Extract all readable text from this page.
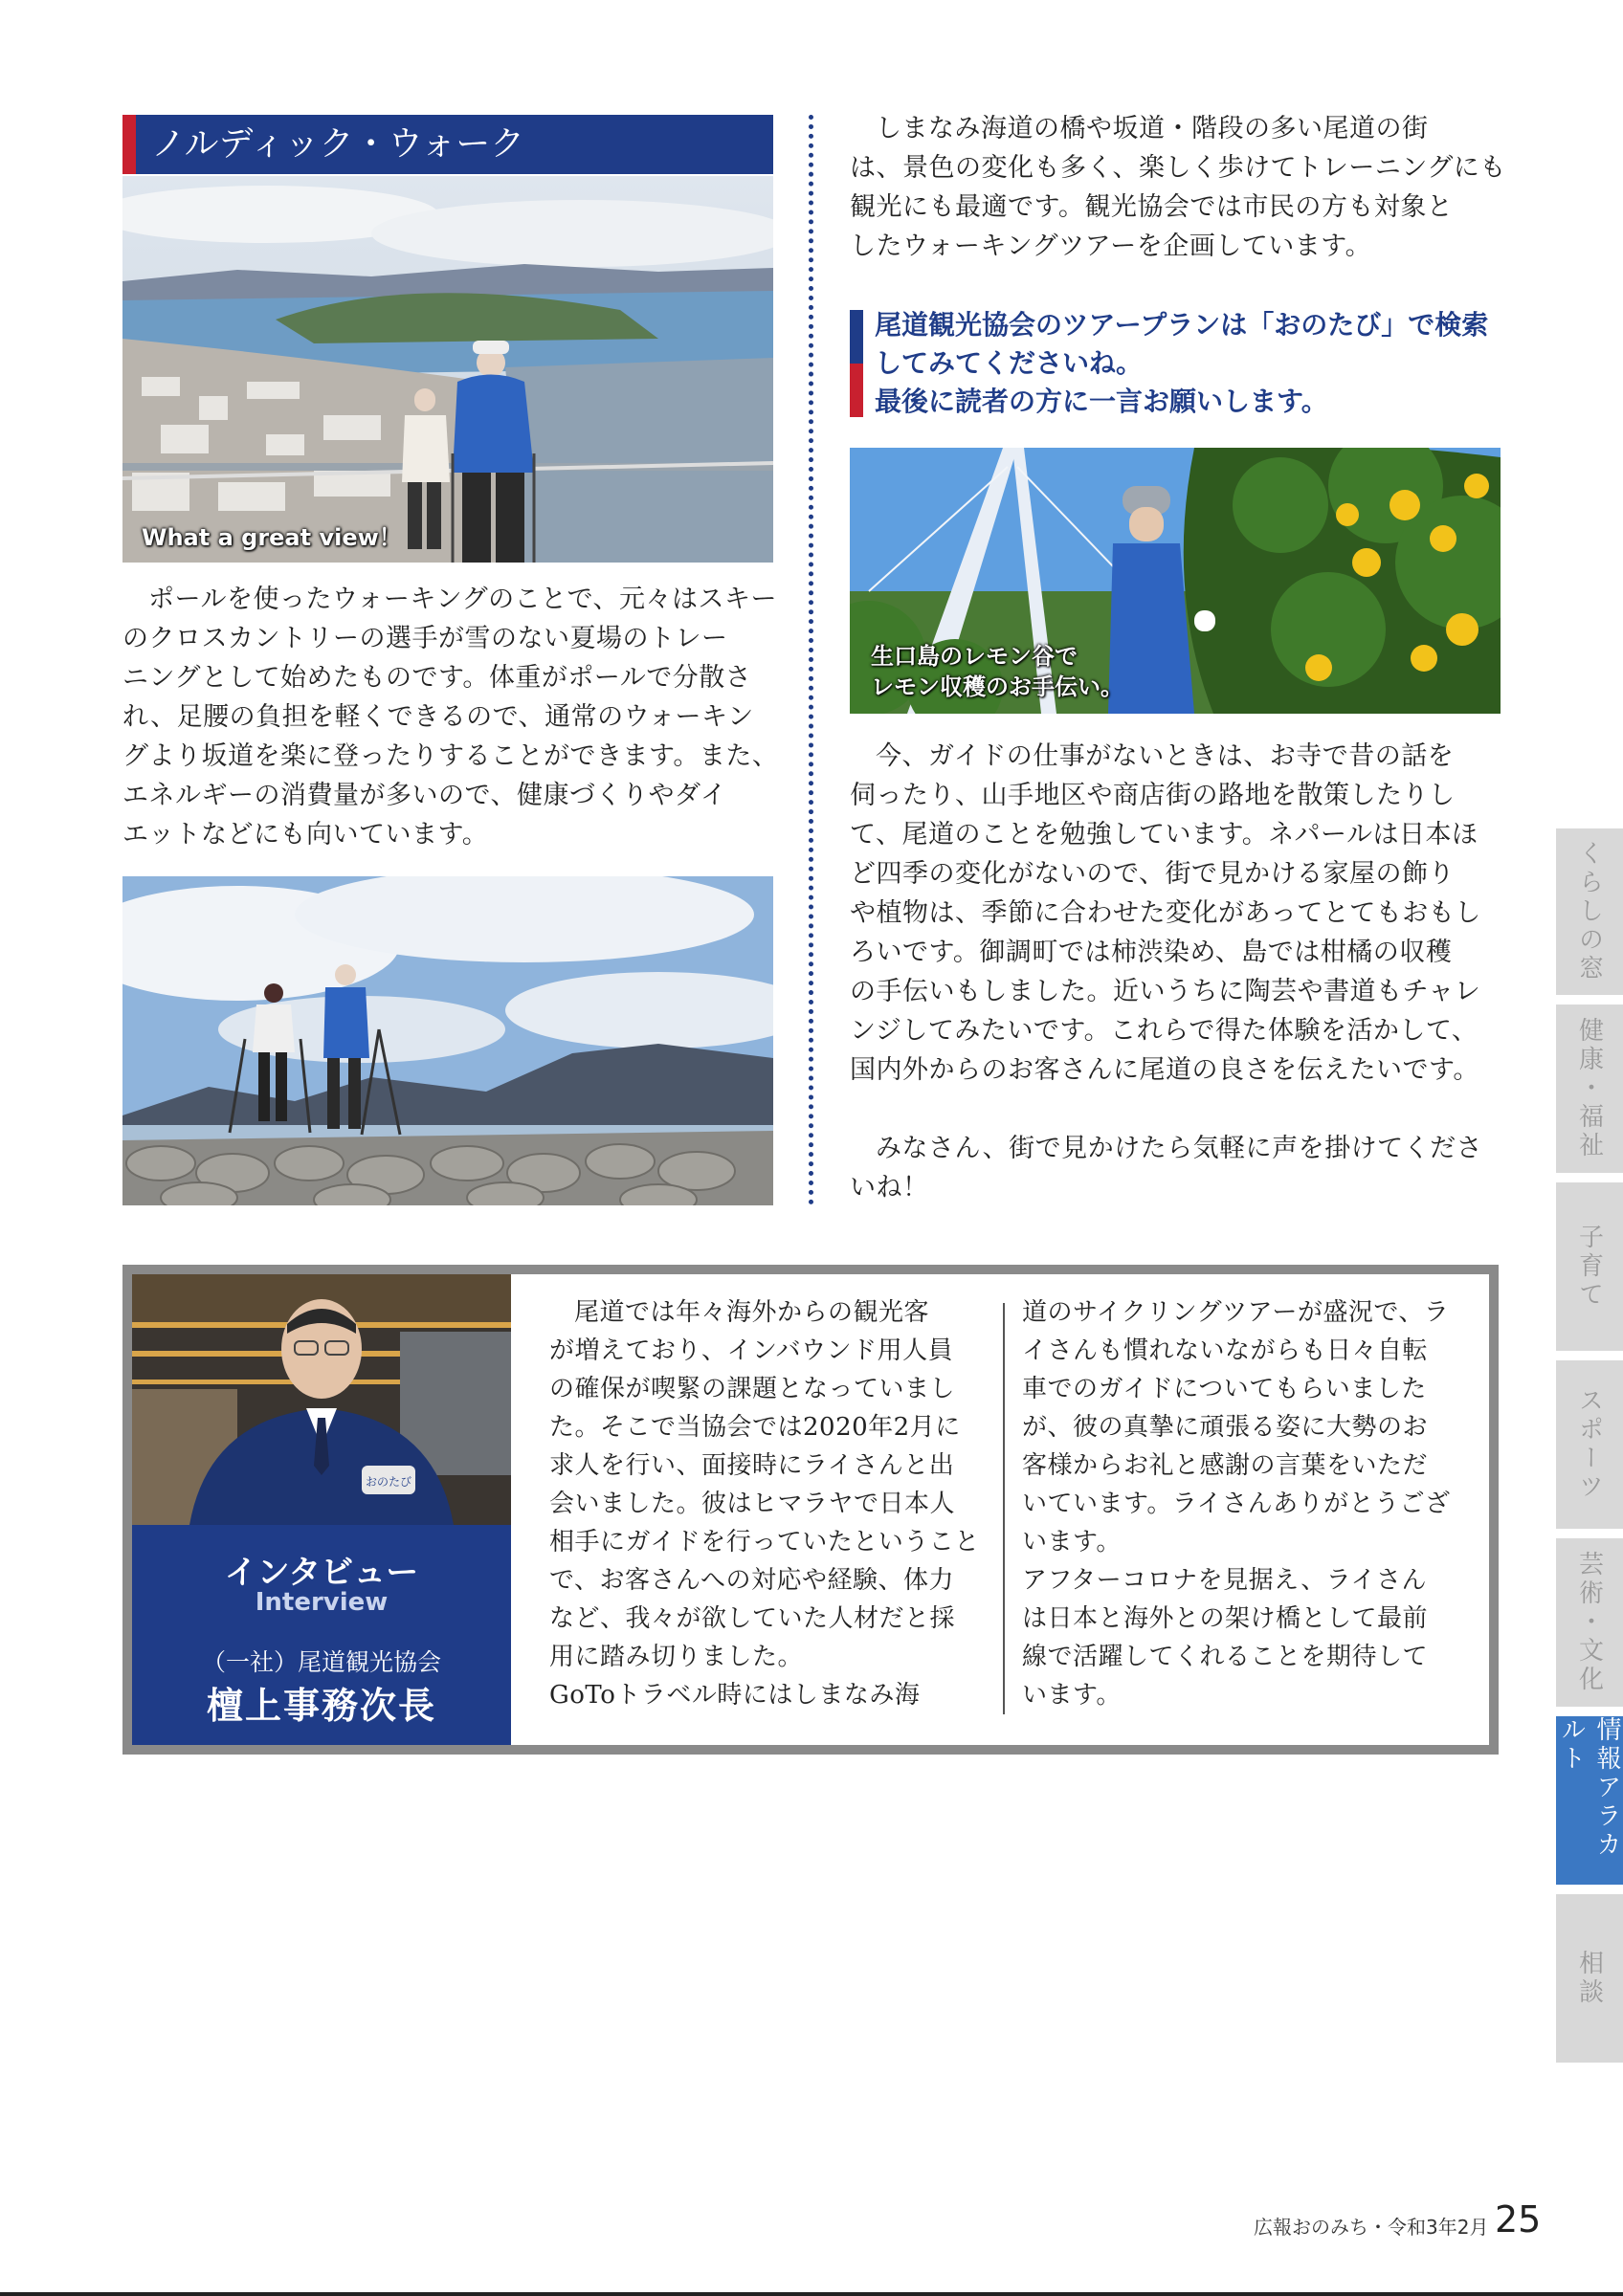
ノルディック・ウォーク
What a great view！

ポールを使ったウォーキングのことで、元々はスキー
のクロスカントリーの選手が雪のない夏場のトレー
ニングとして始めたものです。体重がポールで分散さ
れ、足腰の負担を軽くできるので、通常のウォーキン
グより坂道を楽に登ったりすることができます。また、
エネルギーの消費量が多いので、健康づくりやダイ
エットなどにも向いています。

しまなみ海道の橋や坂道・階段の多い尾道の街
は、景色の変化も多く、楽しく歩けてトレーニングにも
観光にも最適です。観光協会では市民の方も対象と
したウォーキングツアーを企画しています。

尾道観光協会のツアープランは「おのたび」で検索
してみてくださいね。
最後に読者の方に一言お願いします。
生口島のレモン谷で
レモン収穫のお手伝い。

今、ガイドの仕事がないときは、お寺で昔の話を
伺ったり、山手地区や商店街の路地を散策したりし
て、尾道のことを勉強しています。ネパールは日本ほ
ど四季の変化がないので、街で見かける家屋の飾り
や植物は、季節に合わせた変化があってとてもおもし
ろいです。御調町では柿渋染め、島では柑橘の収穫
の手伝いもしました。近いうちに陶芸や書道もチャレ
ンジしてみたいです。これらで得た体験を活かして、
国内外からのお客さんに尾道の良さを伝えたいです。

みなさん、街で見かけたら気軽に声を掛けてくださ
いね！

おのたび
インタビュー
Interview
（一社）尾道観光協会
檀上事務次長

尾道では年々海外からの観光客
が増えており、インバウンド用人員
の確保が喫緊の課題となっていまし
た。そこで当協会では2020年2月に
求人を行い、面接時にライさんと出
会いました。彼はヒマラヤで日本人
相手にガイドを行っていたということ
で、お客さんへの対応や経験、体力
など、我々が欲していた人材だと採
用に踏み切りました。
GoToトラベル時にはしまなみ海

道のサイクリングツアーが盛況で、ラ
イさんも慣れないながらも日々自転
車でのガイドについてもらいました
が、彼の真摯に頑張る姿に大勢のお
客様からお礼と感謝の言葉をいただ
いています。ライさんありがとうござ
います。
アフターコロナを見据え、ライさん
は日本と海外との架け橋として最前
線で活躍してくれることを期待して
います。

くらしの窓
健康・福祉
子育て
スポーツ
芸術・文化
情報アラカルト
相談
広報おのみち・令和3年2月 25
